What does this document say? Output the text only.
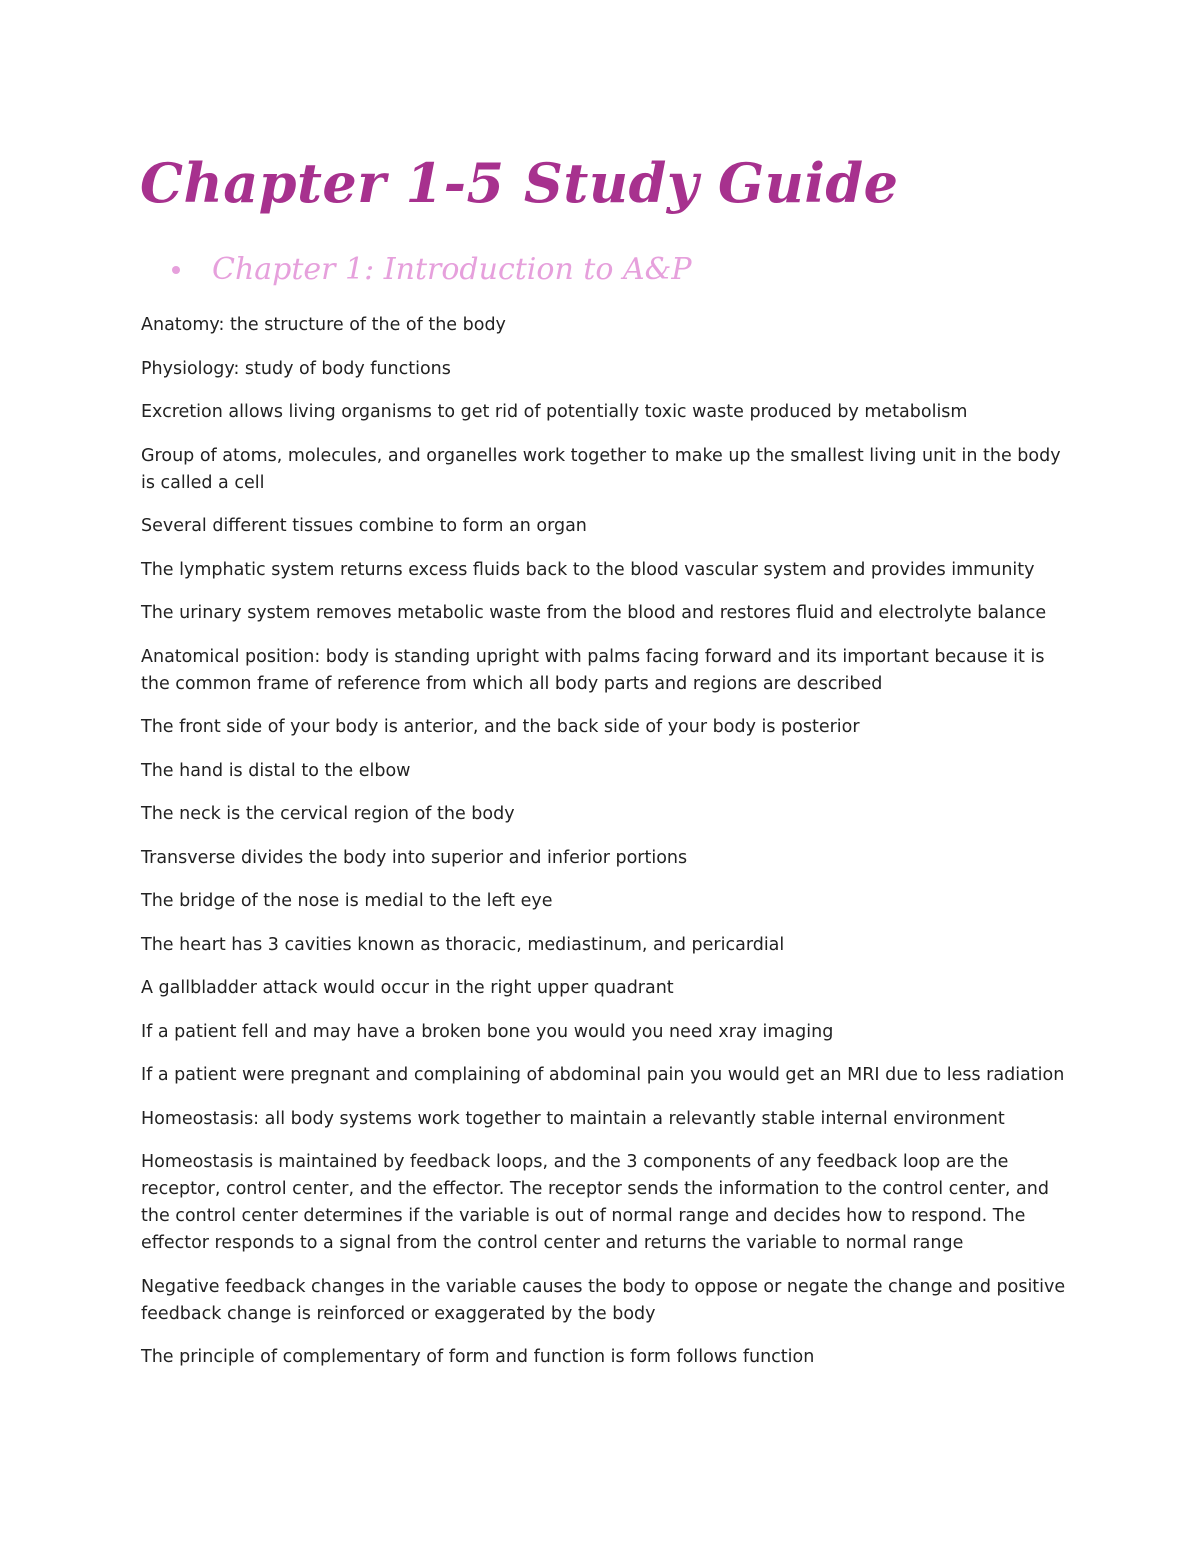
Chapter 1-5 Study Guide
Chapter 1: Introduction to A&P

Anatomy: the structure of the of the body

Physiology: study of body functions

Excretion allows living organisms to get rid of potentially toxic waste produced by metabolism

Group of atoms, molecules, and organelles work together to make up the smallest living unit in the body is called a cell

Several different tissues combine to form an organ

The lymphatic system returns excess fluids back to the blood vascular system and provides immunity

The urinary system removes metabolic waste from the blood and restores fluid and electrolyte balance

Anatomical position: body is standing upright with palms facing forward and its important because it is the common frame of reference from which all body parts and regions are described

The front side of your body is anterior, and the back side of your body is posterior

The hand is distal to the elbow

The neck is the cervical region of the body

Transverse divides the body into superior and inferior portions

The bridge of the nose is medial to the left eye

The heart has 3 cavities known as thoracic, mediastinum, and pericardial

A gallbladder attack would occur in the right upper quadrant

If a patient fell and may have a broken bone you would you need xray imaging

If a patient were pregnant and complaining of abdominal pain you would get an MRI due to less radiation

Homeostasis: all body systems work together to maintain a relevantly stable internal environment

Homeostasis is maintained by feedback loops, and the 3 components of any feedback loop are the receptor, control center, and the effector. The receptor sends the information to the control center, and the control center determines if the variable is out of normal range and decides how to respond. The effector responds to a signal from the control center and returns the variable to normal range

Negative feedback changes in the variable causes the body to oppose or negate the change and positive feedback change is reinforced or exaggerated by the body

The principle of complementary of form and function is form follows function
